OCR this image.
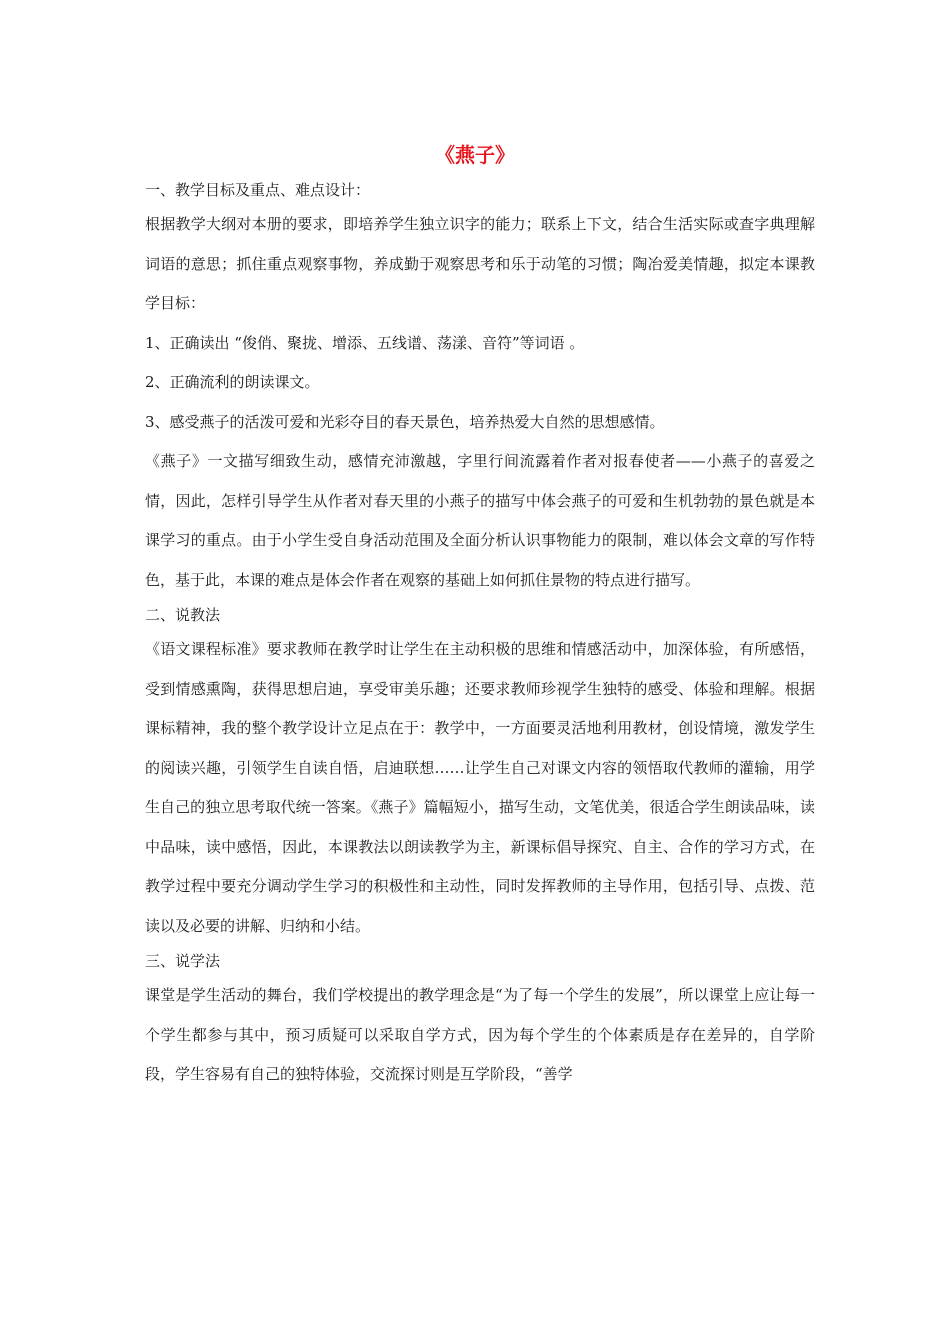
《燕子》

一、教学目标及重点、难点设计：

根据教学大纲对本册的要求，即培养学生独立识字的能力；联系上下文，结合生活实际或查字典理解词语的意思；抓住重点观察事物，养成勤于观察思考和乐于动笔的习惯；陶冶爱美情趣，拟定本课教学目标：

1、正确读出 “俊俏、聚拢、增添、五线谱、荡漾、音符”等词语 。

2、正确流利的朗读课文。

3、感受燕子的活泼可爱和光彩夺目的春天景色，培养热爱大自然的思想感情。

《燕子》一文描写细致生动，感情充沛激越，字里行间流露着作者对报春使者——小燕子的喜爱之情，因此，怎样引导学生从作者对春天里的小燕子的描写中体会燕子的可爱和生机勃勃的景色就是本课学习的重点。由于小学生受自身活动范围及全面分析认识事物能力的限制，难以体会文章的写作特色，基于此，本课的难点是体会作者在观察的基础上如何抓住景物的特点进行描写。

二、说教法

《语文课程标准》要求教师在教学时让学生在主动积极的思维和情感活动中，加深体验，有所感悟，受到情感熏陶，获得思想启迪，享受审美乐趣；还要求教师珍视学生独特的感受、体验和理解。根据课标精神，我的整个教学设计立足点在于：教学中，一方面要灵活地利用教材，创设情境，激发学生的阅读兴趣，引领学生自读自悟，启迪联想……让学生自己对课文内容的领悟取代教师的灌输，用学生自己的独立思考取代统一答案。《燕子》篇幅短小，描写生动，文笔优美，很适合学生朗读品味，读中品味，读中感悟，因此，本课教法以朗读教学为主，新课标倡导探究、自主、合作的学习方式，在教学过程中要充分调动学生学习的积极性和主动性，同时发挥教师的主导作用，包括引导、点拨、范读以及必要的讲解、归纳和小结。

三、说学法

课堂是学生活动的舞台，我们学校提出的教学理念是“为了每一个学生的发展”，所以课堂上应让每一个学生都参与其中，预习质疑可以采取自学方式，因为每个学生的个体素质是存在差异的，自学阶段，学生容易有自己的独特体验，交流探讨则是互学阶段，“善学
